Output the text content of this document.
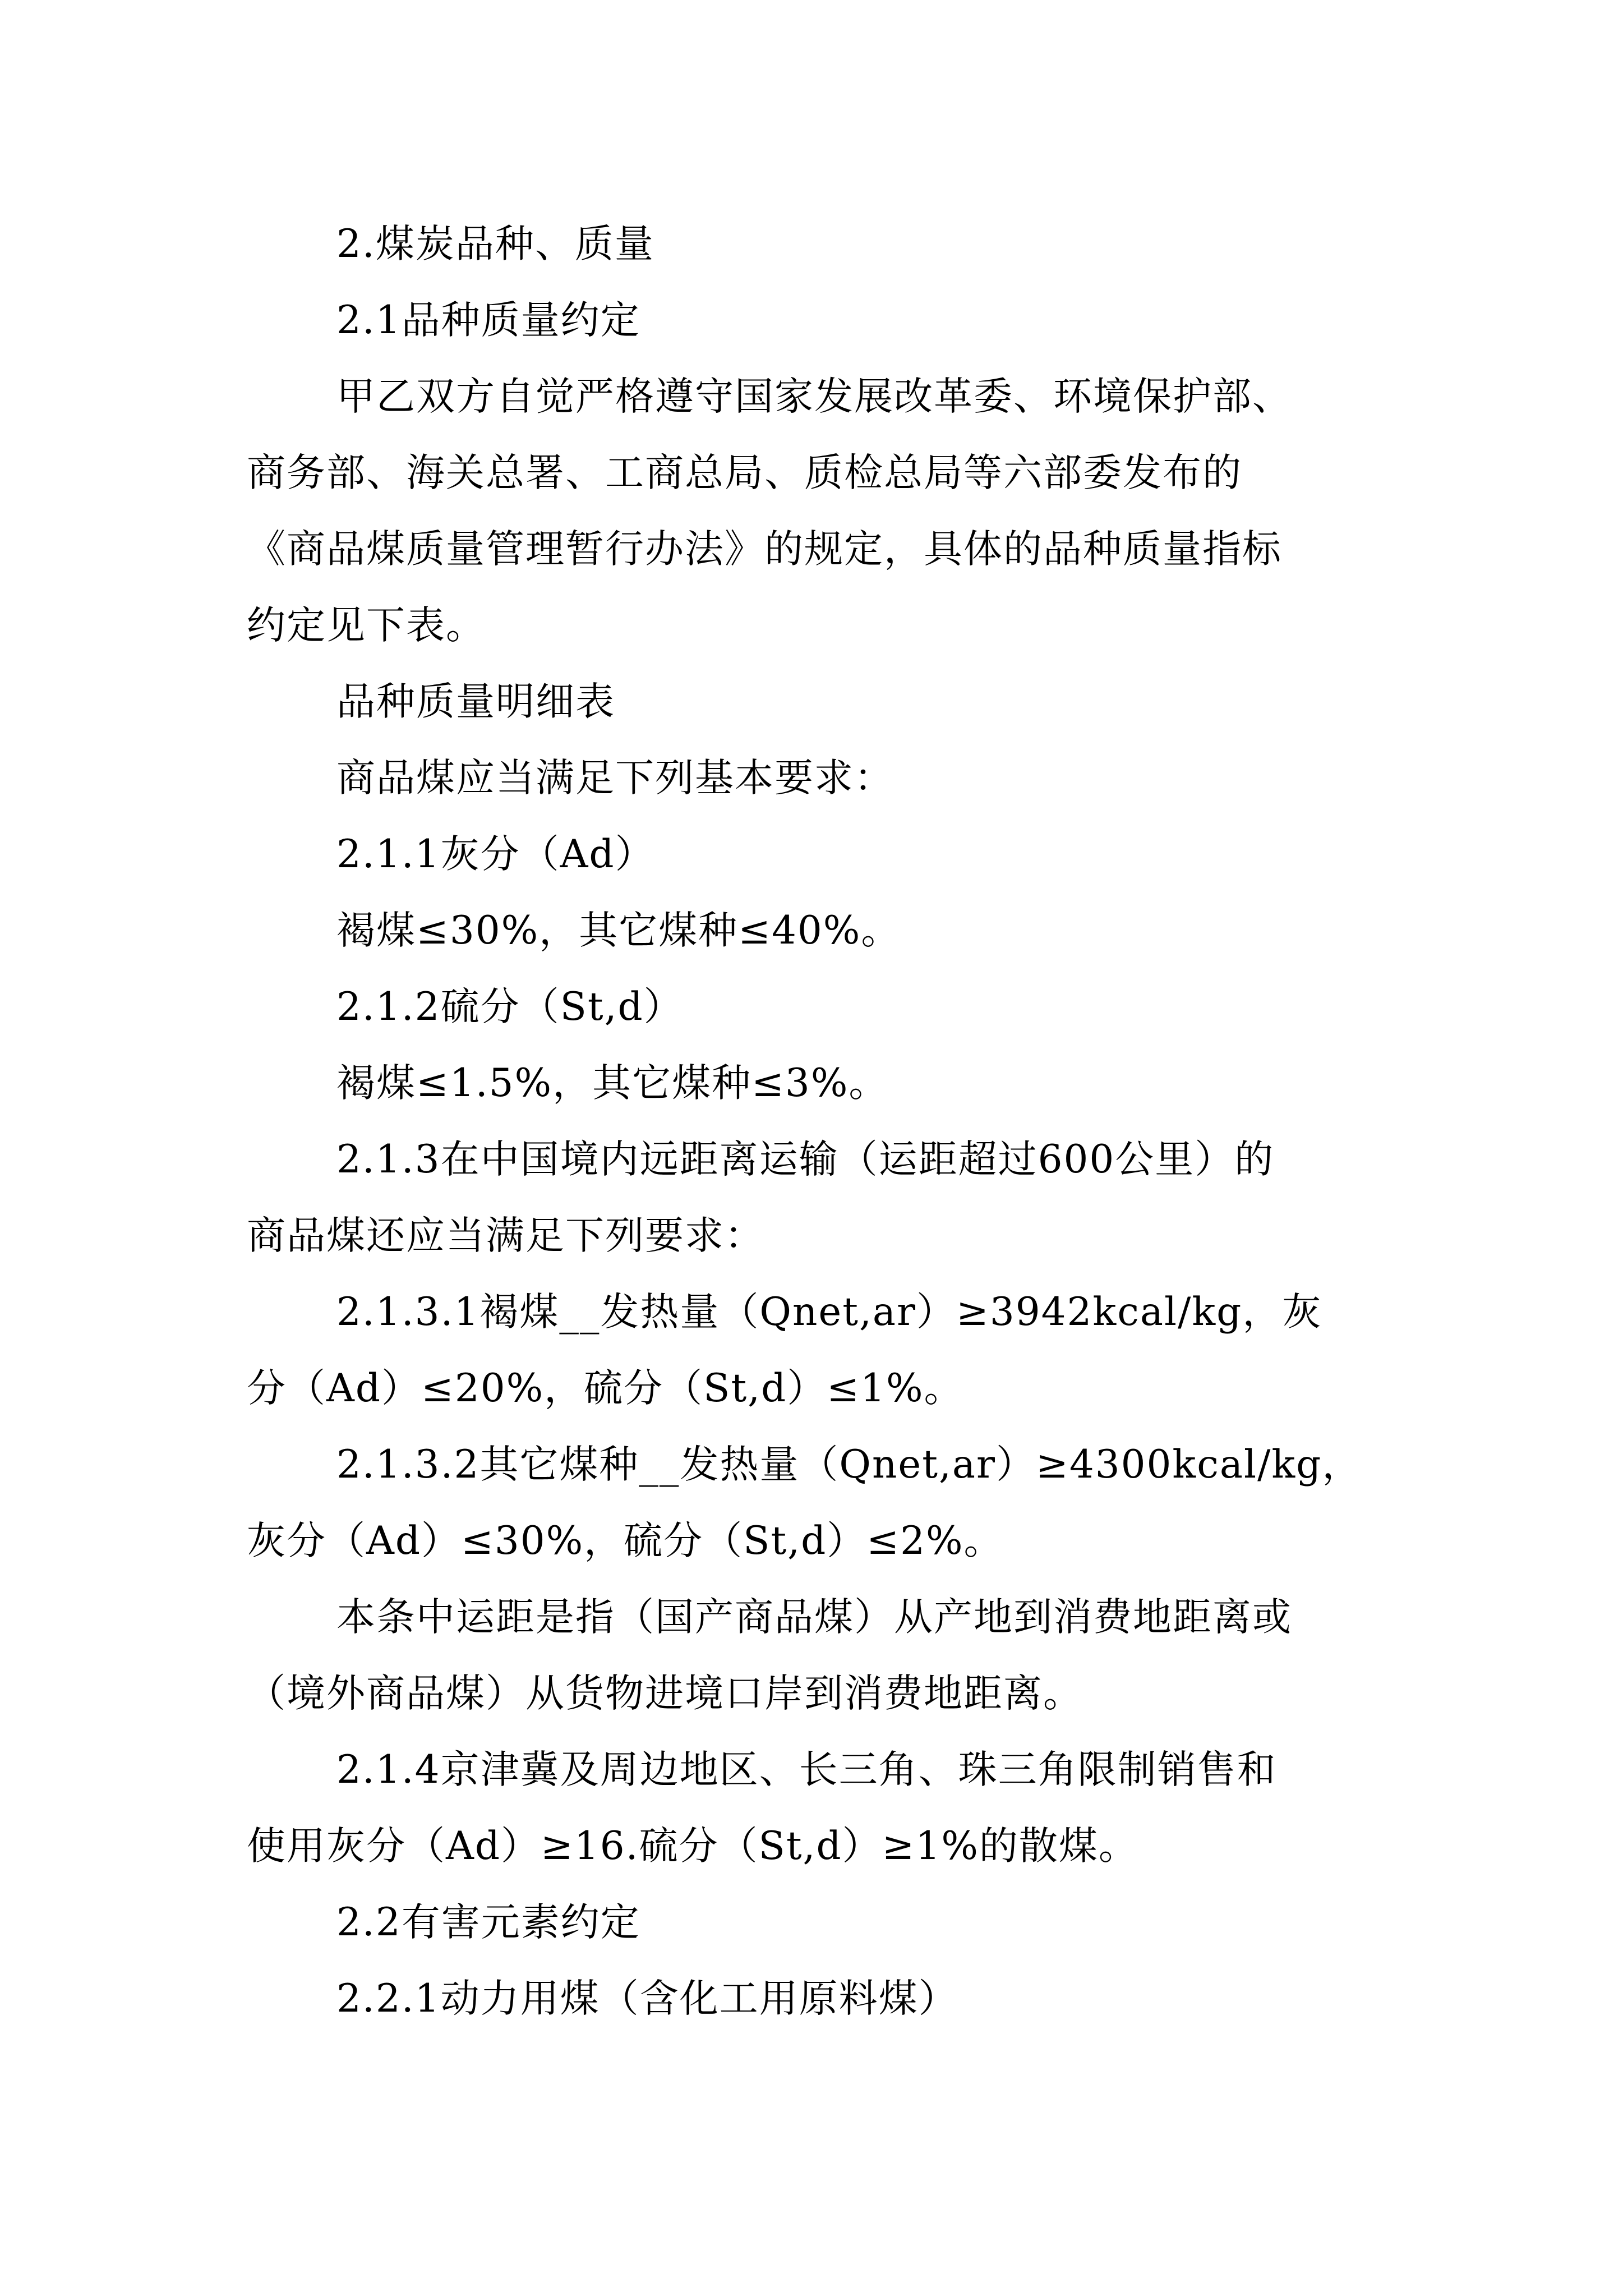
2.煤炭品种、质量
2.1品种质量约定
甲乙双方自觉严格遵守国家发展改革委、环境保护部、
商务部、海关总署、工商总局、质检总局等六部委发布的
《商品煤质量管理暂行办法》的规定，具体的品种质量指标
约定见下表。
品种质量明细表
商品煤应当满足下列基本要求：
2.1.1灰分（Ad）
褐煤≤30%，其它煤种≤40%。
2.1.2硫分（St,d）
褐煤≤1.5%，其它煤种≤3%。
2.1.3在中国境内远距离运输（运距超过600公里）的
商品煤还应当满足下列要求：
2.1.3.1褐煤__发热量（Qnet,ar）≥3942kcal/kg，灰
分（Ad）≤20%，硫分（St,d）≤1%。
2.1.3.2其它煤种__发热量（Qnet,ar）≥4300kcal/kg，
灰分（Ad）≤30%，硫分（St,d）≤2%。
本条中运距是指（国产商品煤）从产地到消费地距离或
（境外商品煤）从货物进境口岸到消费地距离。
2.1.4京津冀及周边地区、长三角、珠三角限制销售和
使用灰分（Ad）≥16.硫分（St,d）≥1%的散煤。
2.2有害元素约定
2.2.1动力用煤（含化工用原料煤）
